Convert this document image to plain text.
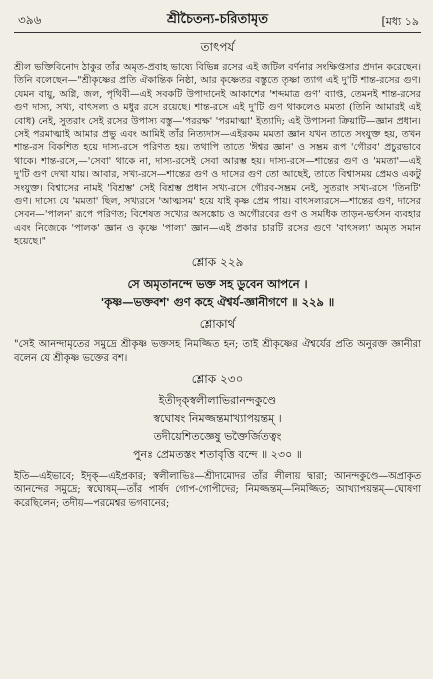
৩৯৬	শ্রীচৈতন্য-চরিতামৃত	[মধ্য ১৯
তাৎপর্য

শ্রীল ভক্তিবিনোদ ঠাকুর তাঁর অমৃত-প্রবাহ ভাষ্যে বিভিন্ন রসের এই জটিল বর্ণনার সংক্ষিপ্তসার প্রদান করেছেন। তিনি বলেছেন—"শ্রীকৃষ্ণের প্রতি ঐকান্তিক নিষ্ঠা, আর কৃষ্ণেতর বস্তুতে তৃষ্ণা ত্যাগ এই দু'টি শান্ত-রসের গুণ। যেমন বায়ু, অগ্নি, জল, পৃথিবী—এই সবকটি উপাদানেই আকাশের 'শব্দমাত্র গুণ' ব্যাপ্ত, তেমনই শান্ত-রসের গুণ দাস্য, সখ্য, বাৎসল্য ও মধুর রসে রয়েছে। শান্ত-রসে এই দু'টি গুণ থাকলেও মমতা (তিনি আমারই এই বোধ) নেই, সুতরাং সেই রসের উপাস্য বস্তু—'পররক্ষ' 'পরমাত্মা' ইত্যাদি; এই উপাসনা ক্রিয়াটি—জ্ঞান প্রধান। সেই পরমাত্মাই আমার প্রভু এবং আমিই তাঁর নিত্যদাস—এইরকম মমতা জ্ঞান যখন তাতে সংযুক্ত হয়, তখন শান্ত-রস বিকশিত হয়ে দাস্য-রসে পরিণত হয়। তথাপি তাতে 'ঈশ্বর জ্ঞান' ও সম্ভ্রম রূপ 'গৌরব' প্রচুরভাবে থাকে। শান্ত-রসে,—'সেবা' থাকে না, দাস্য-রসেই সেবা আরম্ভ হয়। দাস্য-রসে—শান্তের গুণ ও 'মমতা'—এই দু'টি গুণ দেখা যায়। আবার, সখ্য-রসে—শান্তের গুণ ও দাসের গুণ তো আছেই, তাতে বিশ্বাসময় প্রেমও একটু সংযুক্ত। বিশ্বাসের নামই 'বিশ্রম্ভ' সেই বিশ্রম্ভ প্রধান সখ্য-রসে গৌরব-সম্ভ্রম নেই, সুতরাং সখ্য-রসে 'তিনটি' গুণ। দাস্যে যে 'মমতা' ছিল, সখ্যরসে 'আত্মসম' হয়ে যাই কৃষ্ণ প্রেম পায়। বাৎসল্যরসে—শান্তের গুণ, দাসের সেবন—'পালন' রূপে পরিণত; বিশেষত সখ্যের অসঙ্কোচ ও অগৌরবের গুণ ও সমধিক তাড়ন-ভর্ৎসন ব্যবহার এবং নিজেকে 'পালক' জ্ঞান ও কৃষ্ণে 'পাল্য' জ্ঞান—এই প্রকার চারটি রসের গুণে 'বাৎসল্য' অমৃত সমান হয়েছে।"

শ্লোক ২২৯
সে অমৃতানন্দে ভক্ত সহ ডুবেন আপনে ।
'কৃষ্ণ—ভক্তবশ' গুণ কহে ঐশ্বর্য-জ্ঞানীগণে ॥ ২২৯ ॥
শ্লোকার্থ

"সেই আনন্দামৃতের সমুদ্রে শ্রীকৃষ্ণ ভক্তসহ নিমজ্জিত হন; তাই শ্রীকৃষ্ণের ঐশ্বর্যের প্রতি অনুরক্ত জ্ঞানীরা বলেন যে শ্রীকৃষ্ণ ভক্তের বশ।

শ্লোক ২৩০
ইতীদৃক্স্বলীলাভিরানন্দকুণ্ডে
স্বঘোষং নিমজ্জন্তমাখ্যাপয়ন্তম্ ।
তদীয়েশিতজ্ঞেষু ভক্তৈর্জিতত্বং
পুনঃ প্রেমতস্তং শতাবৃত্তি বন্দে ॥ ২৩০ ॥

ইতি—এইভাবে; ইদৃক্—এইপ্রকার; স্বলীলাভিঃ—শ্রীদামোদর তাঁর লীলায় দ্বারা; আনন্দকুণ্ডে—অপ্রাকৃত আনন্দের সমুদ্রে; স্বঘোষম্—তাঁর পার্ষদ গোপ-গোপীদের; নিমজ্জন্তম্—নিমজ্জিত; আখ্যাপয়ন্তম্—ঘোষণা করেছিলেন; তদীয়—পরমেশ্বর ভগবানের;
